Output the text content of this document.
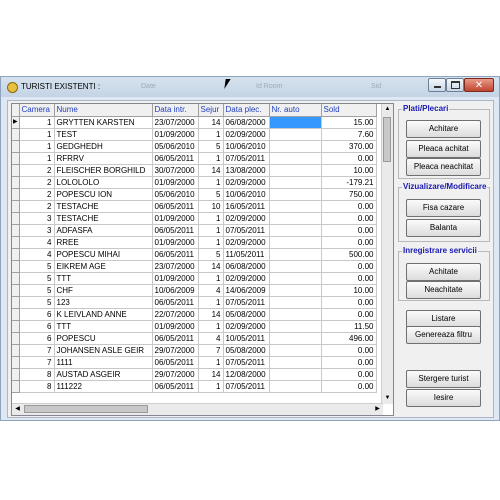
TURISTI EXISTENTI :	Date	Id Room	Sid	✕
	Camera	Nume	Data intr.	Sejur	Data plec.	Nr. auto	Sold

▶	1	GRYTTEN KARSTEN	23/07/2000	14	06/08/2000		15.00
	1	TEST	01/09/2000	1	02/09/2000		7.60
	1	GEDGHEDH	05/06/2010	5	10/06/2010		370.00
	1	RFRRV	06/05/2011	1	07/05/2011		0.00
	2	FLEISCHER BORGHILD	30/07/2000	14	13/08/2000		10.00
	2	LOLOLOLO	01/09/2000	1	02/09/2000		-179.21
	2	POPESCU ION	05/06/2010	5	10/06/2010		750.00
	2	TESTACHE	06/05/2011	10	16/05/2011		0.00
	3	TESTACHE	01/09/2000	1	02/09/2000		0.00
	3	ADFASFA	06/05/2011	1	07/05/2011		0.00
	4	RREE	01/09/2000	1	02/09/2000		0.00
	4	POPESCU MIHAI	06/05/2011	5	11/05/2011		500.00
	5	EIKREM AGE	23/07/2000	14	06/08/2000		0.00
	5	TTT	01/09/2000	1	02/09/2000		0.00
	5	CHF	10/06/2009	4	14/06/2009		10.00
	5	123	06/05/2011	1	07/05/2011		0.00
	6	K LEIVLAND ANNE	22/07/2000	14	05/08/2000		0.00
	6	TTT	01/09/2000	1	02/09/2000		11.50
	6	POPESCU	06/05/2011	4	10/05/2011		496.00
	7	JOHANSEN ASLE GEIR	29/07/2000	7	05/08/2000		0.00
	7	1111	06/05/2011	1	07/05/2011		0.00
	8	AUSTAD ASGEIR	29/07/2000	14	12/08/2000		0.00
	8	111222	06/05/2011	1	07/05/2011		0.00
▲
▼
◀	▶
Plati/Plecari
Achitare
Pleaca achitat
Pleaca neachitat
Vizualizare/Modificare
Fisa cazare
Balanta
Inregistrare servicii
Achitate
Neachitate
Listare
Genereaza filtru
Stergere turist
Iesire
